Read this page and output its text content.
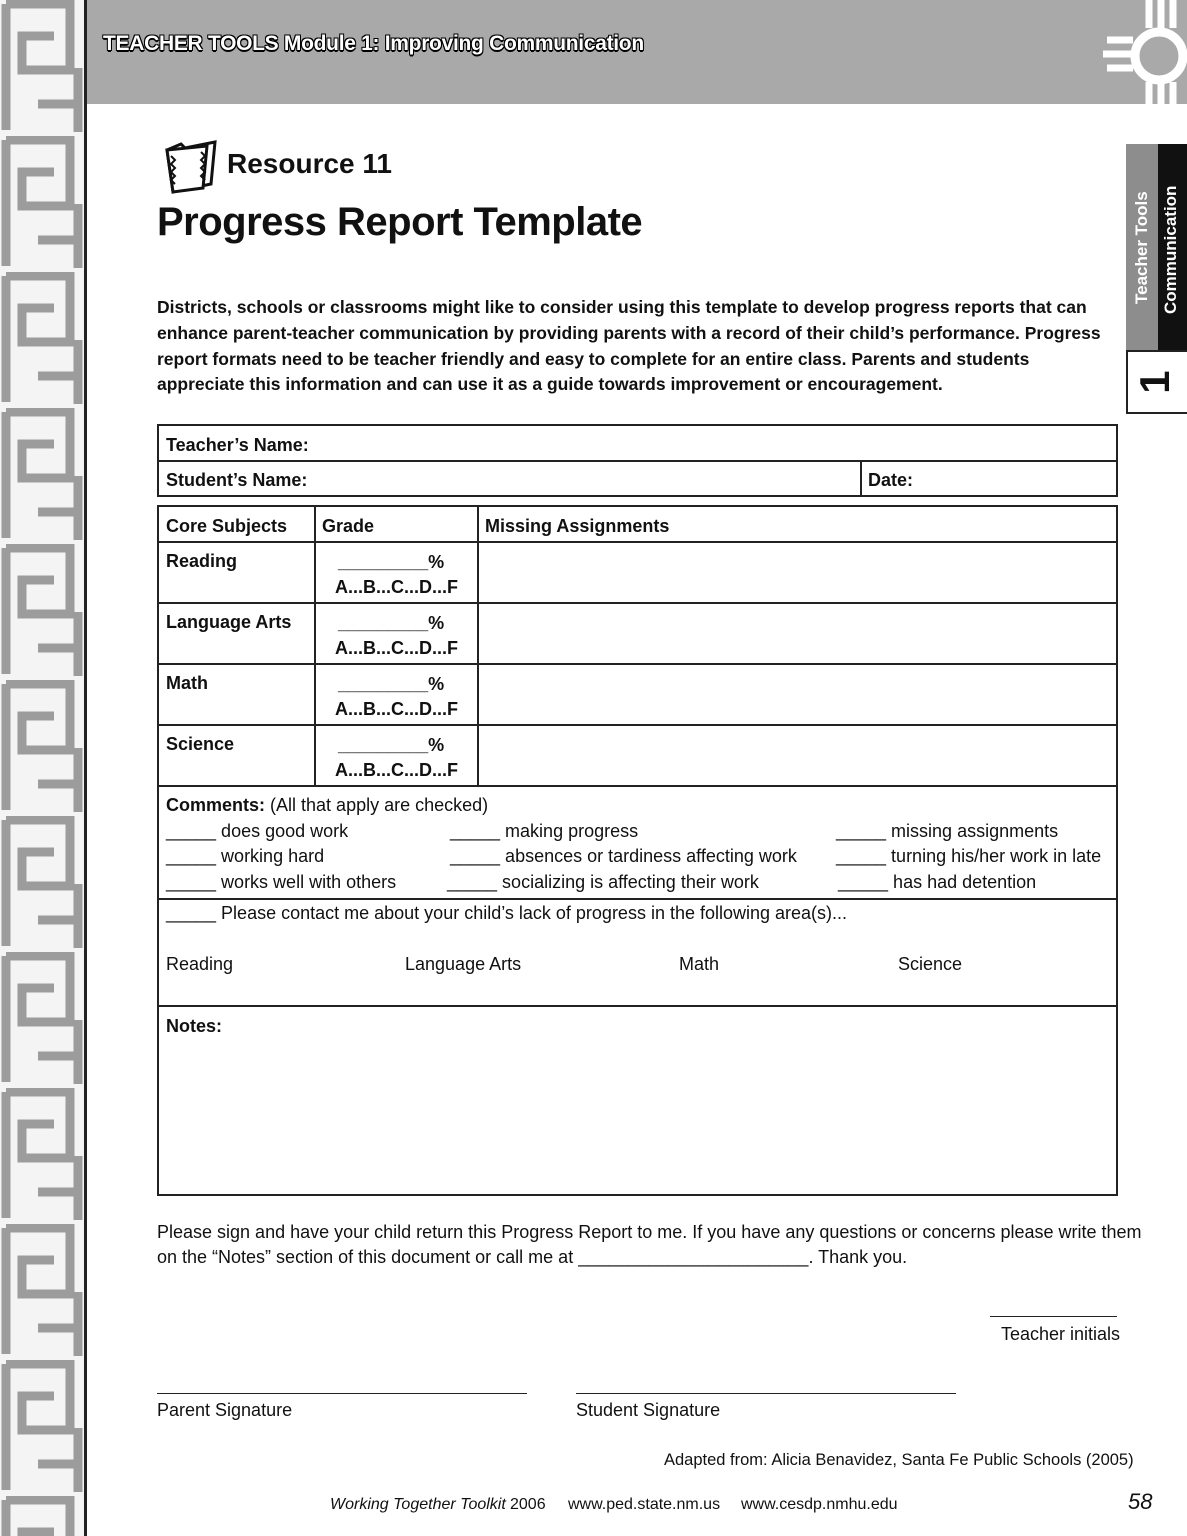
TEACHER TOOLS Module 1: Improving Communication
Teacher Tools Communication
1
Resource 11
Progress Report Template
Districts, schools or classrooms might like to consider using this template to develop progress reports that can enhance parent-teacher communication by providing parents with a record of their child’s performance. Progress report formats need to be teacher friendly and easy to complete for an entire class. Parents and students appreciate this information and can use it as a guide towards improvement or encouragement.
Teacher’s Name:
Student’s Name:	Date:
Core Subjects Grade	Missing Assignments
Reading	_________%
A...B...C...D...F
Language Arts	_________%
A...B...C...D...F
Math	_________%
A...B...C...D...F
Science	_________%
A...B...C...D...F
Comments: (All that apply are checked)
_____ does good work	_____ making progress	_____ missing assignments
_____ working hard	_____ absences or tardiness affecting work _____ turning his/her work in late
_____ works well with others	_____ socializing is affecting their work	_____ has had detention
_____ Please contact me about your child’s lack of progress in the following area(s)...
Reading	Language Arts	Math	Science
Notes:
Please sign and have your child return this Progress Report to me. If you have any questions or concerns please write them
on the “Notes” section of this document or call me at _______________________. Thank you.
Teacher initials
Parent Signature	Student Signature
Adapted from: Alicia Benavidez, Santa Fe Public Schools (2005)
Working Together Toolkit 2006 www.ped.state.nm.us www.cesdp.nmhu.edu	58
